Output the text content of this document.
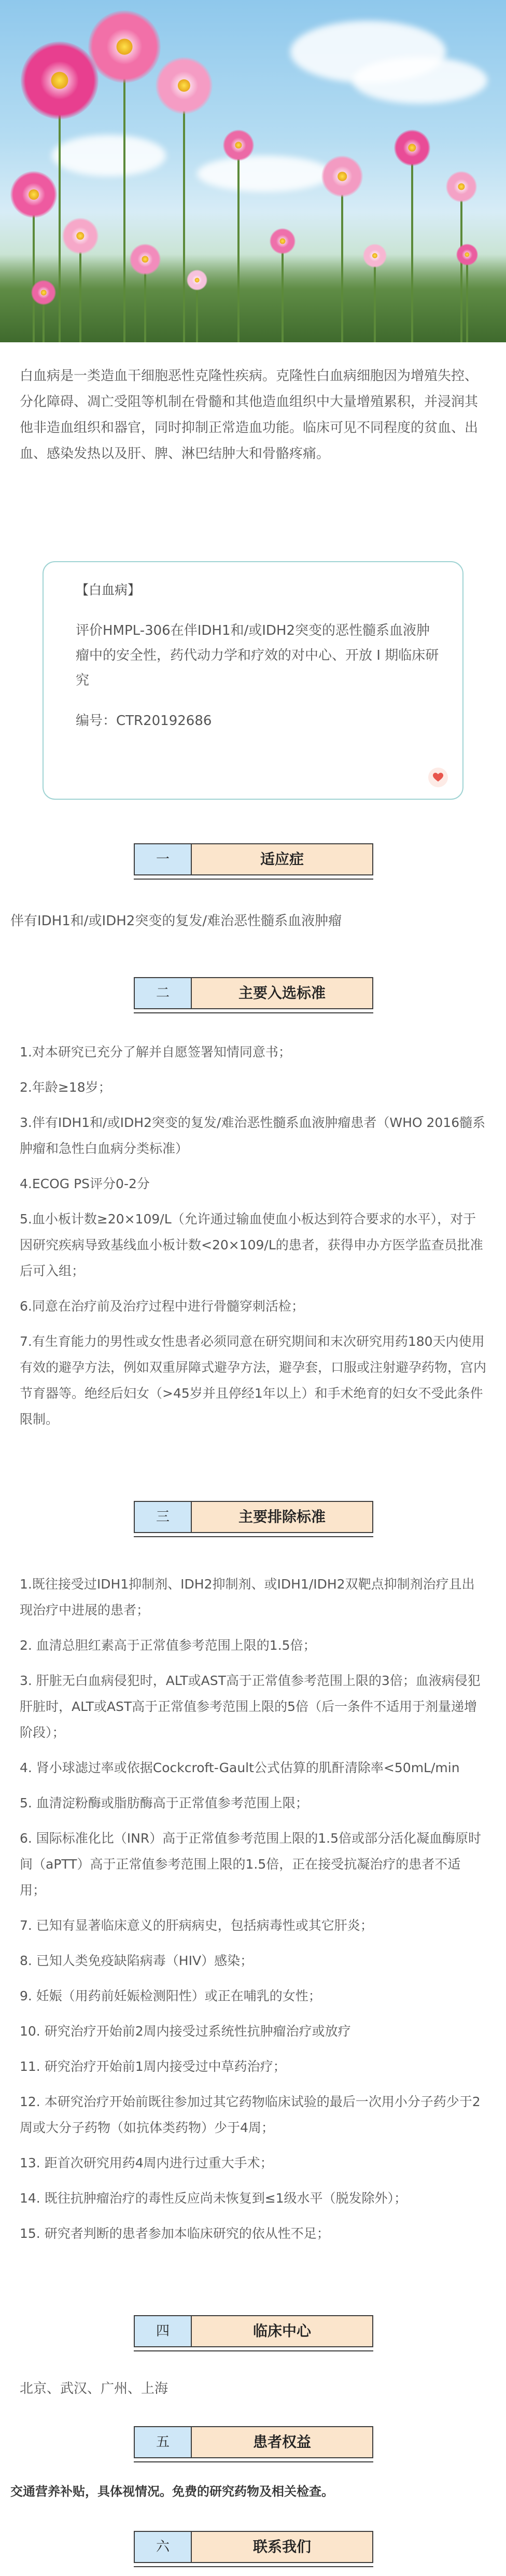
白血病是一类造血干细胞恶性克隆性疾病。克隆性白血病细胞因为增殖失控、分化障碍、凋亡受阻等机制在骨髓和其他造血组织中大量增殖累积，并浸润其他非造血组织和器官，同时抑制正常造血功能。临床可见不同程度的贫血、出血、感染发热以及肝、脾、淋巴结肿大和骨骼疼痛。

【白血病】
评价HMPL-306在伴IDH1和/或IDH2突变的恶性髓系血液肿瘤中的安全性，药代动力学和疗效的对中心、开放 I 期临床研究
编号：CTR20192686
一	适应症
伴有IDH1和/或IDH2突变的复发/难治恶性髓系血液肿瘤
二	主要入选标准
1.对本研究已充分了解并自愿签署知情同意书；
2.年龄≥18岁；
3.伴有IDH1和/或IDH2突变的复发/难治恶性髓系血液肿瘤患者（WHO 2016髓系肿瘤和急性白血病分类标准）
4.ECOG PS评分0-2分
5.血小板计数≥20×109/L（允许通过输血使血小板达到符合要求的水平），对于因研究疾病导致基线血小板计数<20×109/L的患者，获得申办方医学监查员批准后可入组；
6.同意在治疗前及治疗过程中进行骨髓穿刺活检；
7.有生育能力的男性或女性患者必须同意在研究期间和末次研究用药180天内使用有效的避孕方法，例如双重屏障式避孕方法，避孕套，口服或注射避孕药物，宫内节育器等。绝经后妇女（>45岁并且停经1年以上）和手术绝育的妇女不受此条件限制。
三	主要排除标准
1.既往接受过IDH1抑制剂、IDH2抑制剂、或IDH1/IDH2双靶点抑制剂治疗且出现治疗中进展的患者；
2. 血清总胆红素高于正常值参考范围上限的1.5倍；
3. 肝脏无白血病侵犯时，ALT或AST高于正常值参考范围上限的3倍；血液病侵犯肝脏时，ALT或AST高于正常值参考范围上限的5倍（后一条件不适用于剂量递增阶段）；
4. 肾小球滤过率或依据Cockcroft-Gault公式估算的肌酐清除率<50mL/min
5. 血清淀粉酶或脂肪酶高于正常值参考范围上限；
6. 国际标准化比（INR）高于正常值参考范围上限的1.5倍或部分活化凝血酶原时间（aPTT）高于正常值参考范围上限的1.5倍，正在接受抗凝治疗的患者不适用；
7. 已知有显著临床意义的肝病病史，包括病毒性或其它肝炎；
8. 已知人类免疫缺陷病毒（HIV）感染；
9. 妊娠（用药前妊娠检测阳性）或正在哺乳的女性；
10. 研究治疗开始前2周内接受过系统性抗肿瘤治疗或放疗
11. 研究治疗开始前1周内接受过中草药治疗；
12. 本研究治疗开始前既往参加过其它药物临床试验的最后一次用小分子药少于2周或大分子药物（如抗体类药物）少于4周；
13. 距首次研究用药4周内进行过重大手术；
14. 既往抗肿瘤治疗的毒性反应尚未恢复到≤1级水平（脱发除外）；
15. 研究者判断的患者参加本临床研究的依从性不足；
四	临床中心
北京、武汉、广州、上海
五	患者权益
交通营养补贴，具体视情况。免费的研究药物及相关检查。
六	联系我们
